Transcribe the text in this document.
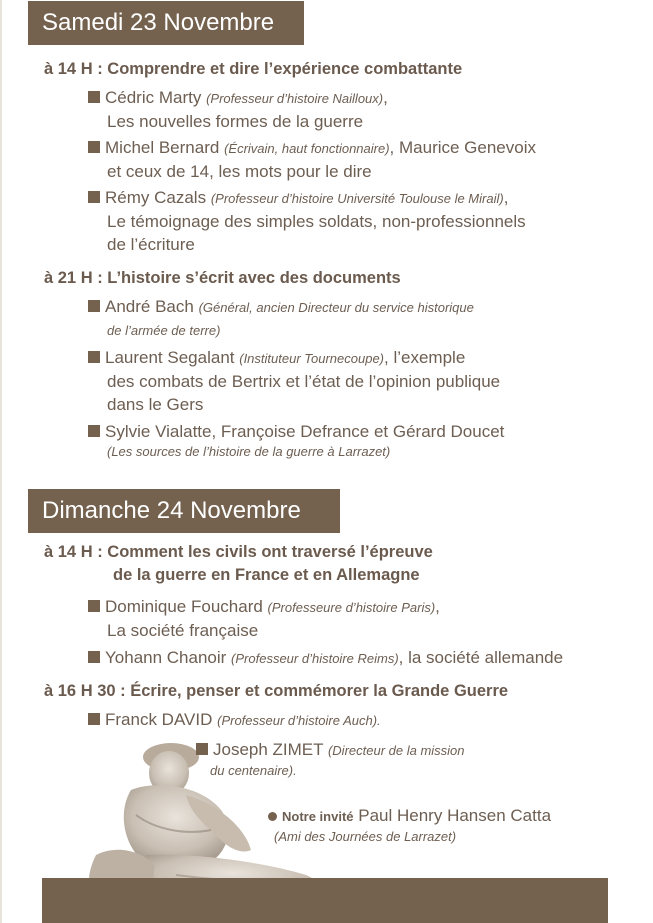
Samedi 23 Novembre
à 14 H : Comprendre et dire l’expérience combattante
Cédric Marty (Professeur d’histoire Nailloux),
Les nouvelles formes de la guerre
Michel Bernard (Écrivain, haut fonctionnaire), Maurice Genevoix
et ceux de 14, les mots pour le dire
Rémy Cazals (Professeur d’histoire Université Toulouse le Mirail),
Le témoignage des simples soldats, non-professionnels
de l’écriture
à 21 H : L’histoire s’écrit avec des documents
André Bach (Général, ancien Directeur du service historique
de l’armée de terre)
Laurent Segalant (Instituteur Tournecoupe), l’exemple
des combats de Bertrix et l’état de l’opinion publique
dans le Gers
Sylvie Vialatte, Françoise Defrance et Gérard Doucet
(Les sources de l’histoire de la guerre à Larrazet)
Dimanche 24 Novembre
à 14 H : Comment les civils ont traversé l’épreuve
de la guerre en France et en Allemagne
Dominique Fouchard (Professeure d’histoire Paris),
La société française
Yohann Chanoir (Professeur d’histoire Reims), la société allemande
à 16 H 30 : Écrire, penser et commémorer la Grande Guerre
Franck DAVID (Professeur d’histoire Auch).
Joseph ZIMET (Directeur de la mission
du centenaire).
Notre invité Paul Henry Hansen Catta
(Ami des Journées de Larrazet)
